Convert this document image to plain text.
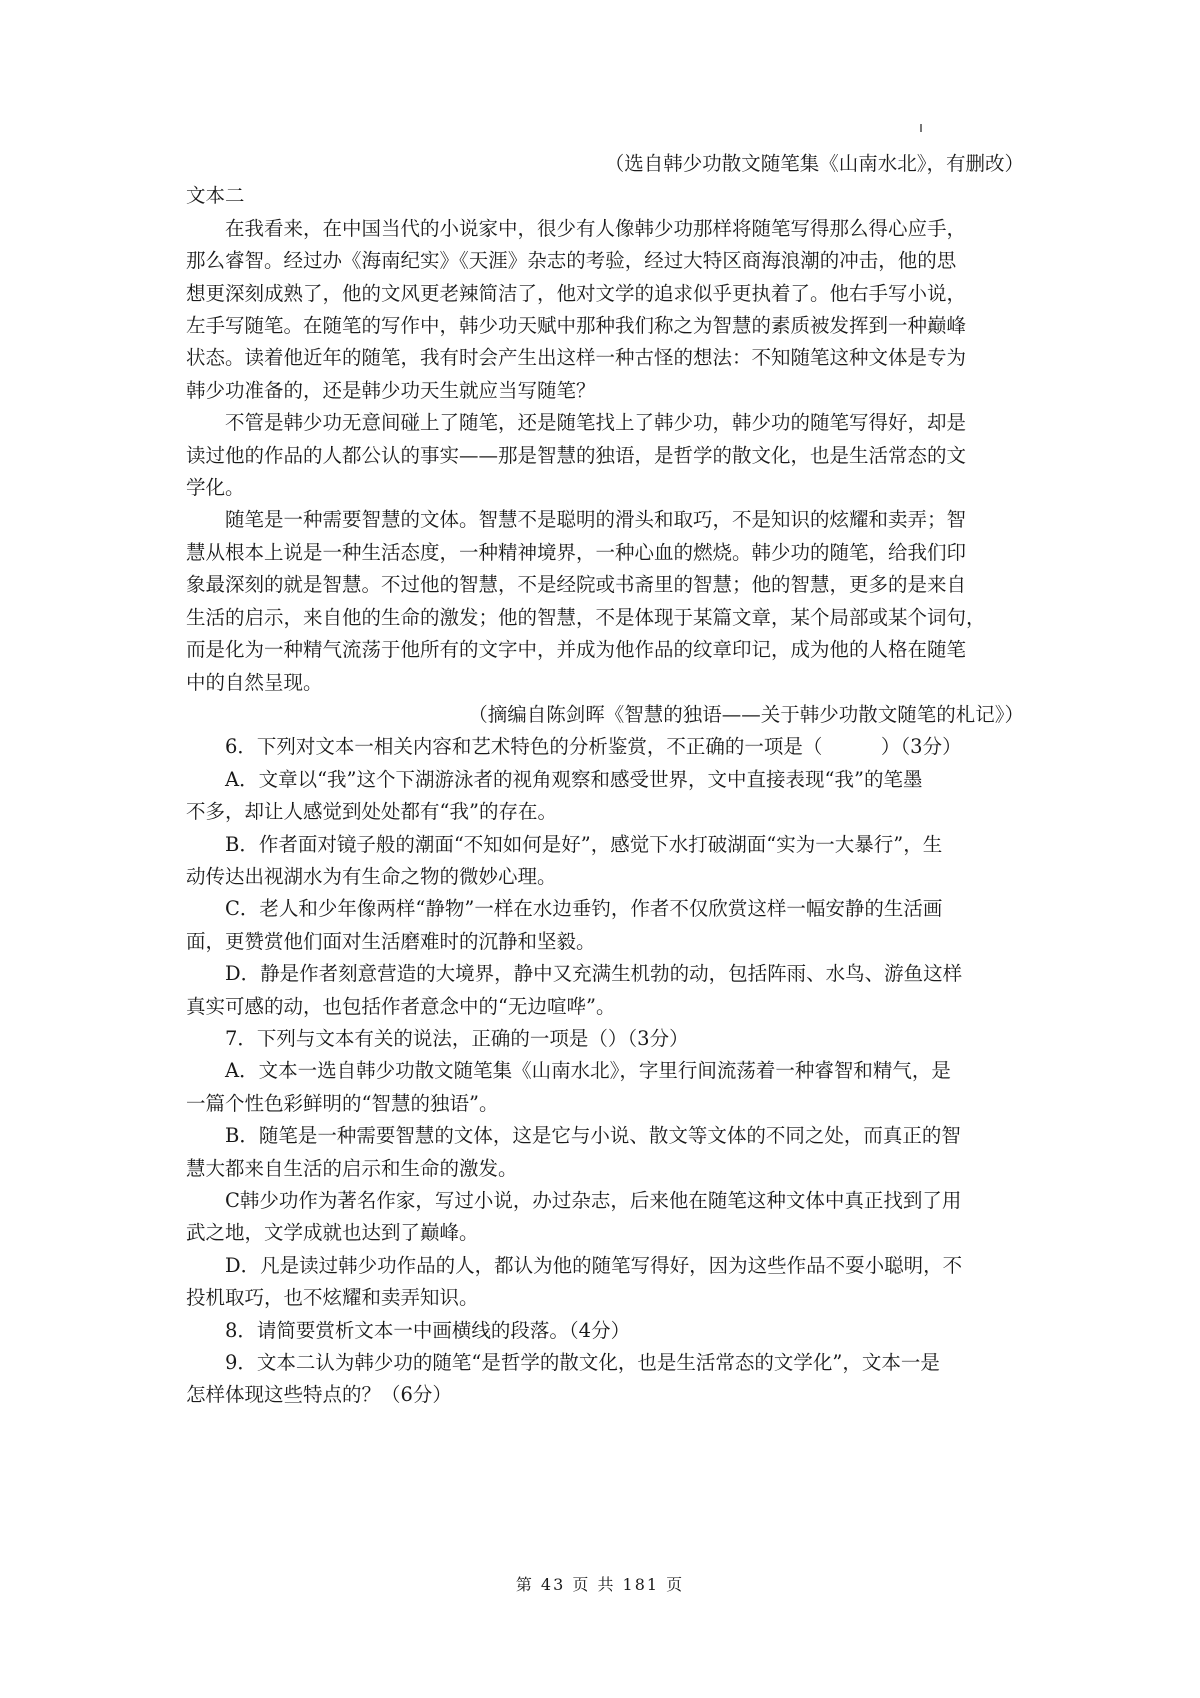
（选自韩少功散文随笔集《山南水北》，有删改）
文本二
在我看来，在中国当代的小说家中，很少有人像韩少功那样将随笔写得那么得心应手，
那么睿智。经过办《海南纪实》《天涯》杂志的考验，经过大特区商海浪潮的冲击，他的思
想更深刻成熟了，他的文风更老辣简洁了，他对文学的追求似乎更执着了。他右手写小说，
左手写随笔。在随笔的写作中，韩少功天赋中那种我们称之为智慧的素质被发挥到一种巅峰
状态。读着他近年的随笔，我有时会产生出这样一种古怪的想法：不知随笔这种文体是专为
韩少功准备的，还是韩少功天生就应当写随笔？
不管是韩少功无意间碰上了随笔，还是随笔找上了韩少功，韩少功的随笔写得好，却是
读过他的作品的人都公认的事实——那是智慧的独语，是哲学的散文化，也是生活常态的文
学化。
随笔是一种需要智慧的文体。智慧不是聪明的滑头和取巧，不是知识的炫耀和卖弄；智
慧从根本上说是一种生活态度，一种精神境界，一种心血的燃烧。韩少功的随笔，给我们印
象最深刻的就是智慧。不过他的智慧，不是经院或书斋里的智慧；他的智慧，更多的是来自
生活的启示，来自他的生命的激发；他的智慧，不是体现于某篇文章，某个局部或某个词句，
而是化为一种精气流荡于他所有的文字中，并成为他作品的纹章印记，成为他的人格在随笔
中的自然呈现。
（摘编自陈剑晖《智慧的独语——关于韩少功散文随笔的札记》）
6．下列对文本一相关内容和艺术特色的分析鉴赏，不正确的一项是（　　　）（3分）
A．文章以“我”这个下湖游泳者的视角观察和感受世界，文中直接表现“我”的笔墨
不多，却让人感觉到处处都有“我”的存在。
B．作者面对镜子般的潮面“不知如何是好”，感觉下水打破湖面“实为一大暴行”，生
动传达出视湖水为有生命之物的微妙心理。
C．老人和少年像两样“静物”一样在水边垂钓，作者不仅欣赏这样一幅安静的生活画
面，更赞赏他们面对生活磨难时的沉静和坚毅。
D．静是作者刻意营造的大境界，静中又充满生机勃的动，包括阵雨、水鸟、游鱼这样
真实可感的动，也包括作者意念中的“无边喧哗”。
7．下列与文本有关的说法，正确的一项是（）（3分）
A．文本一选自韩少功散文随笔集《山南水北》，字里行间流荡着一种睿智和精气，是
一篇个性色彩鲜明的“智慧的独语”。
B．随笔是一种需要智慧的文体，这是它与小说、散文等文体的不同之处，而真正的智
慧大都来自生活的启示和生命的激发。
C韩少功作为著名作家，写过小说，办过杂志，后来他在随笔这种文体中真正找到了用
武之地，文学成就也达到了巅峰。
D．凡是读过韩少功作品的人，都认为他的随笔写得好，因为这些作品不耍小聪明，不
投机取巧，也不炫耀和卖弄知识。
8．请简要赏析文本一中画横线的段落。（4分）
9．文本二认为韩少功的随笔“是哲学的散文化，也是生活常态的文学化”，文本一是
怎样体现这些特点的？（6分）
第 43 页 共 181 页
